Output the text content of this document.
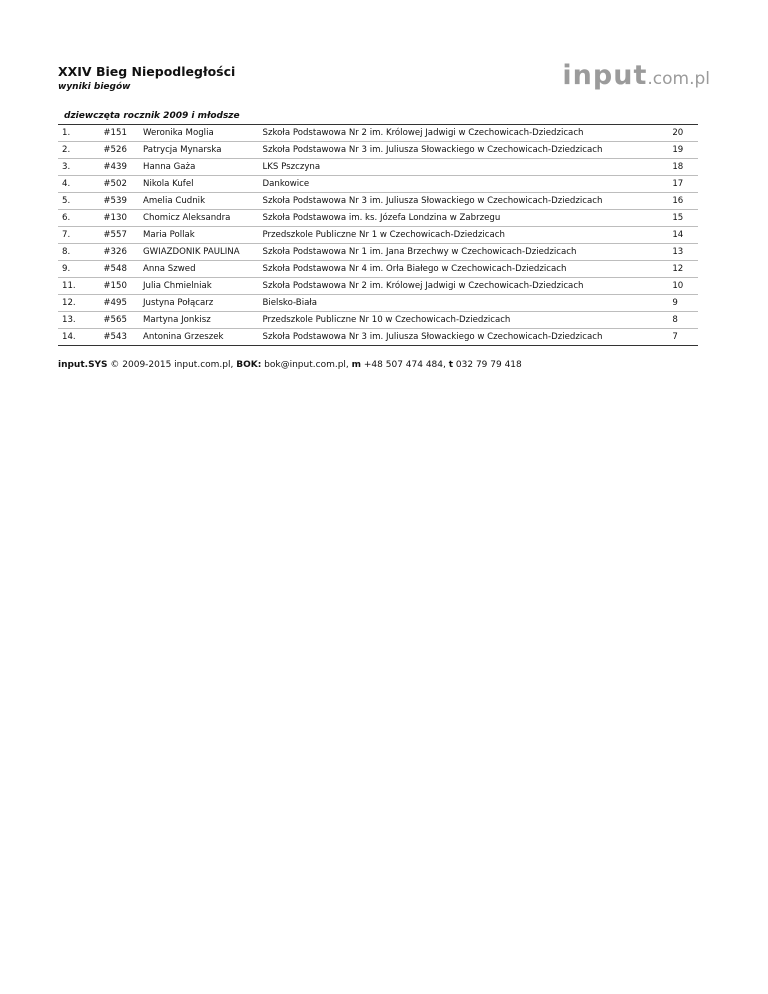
XXIV Bieg Niepodległości
wyniki biegów	input.com.pl
dziewczęta rocznik 2009 i młodsze
1.	#151	Weronika Moglia	Szkoła Podstawowa Nr 2 im. Królowej Jadwigi w Czechowicach-Dziedzicach	20
2.	#526	Patrycja Mynarska	Szkoła Podstawowa Nr 3 im. Juliusza Słowackiego w Czechowicach-Dziedzicach	19
3.	#439	Hanna Gaża	LKS Pszczyna	18
4.	#502	Nikola Kufel	Dankowice	17
5.	#539	Amelia Cudnik	Szkoła Podstawowa Nr 3 im. Juliusza Słowackiego w Czechowicach-Dziedzicach	16
6.	#130	Chomicz Aleksandra	Szkoła Podstawowa im. ks. Józefa Londzina w Zabrzegu	15
7.	#557	Maria Pollak	Przedszkole Publiczne Nr 1 w Czechowicach-Dziedzicach	14
8.	#326	GWIAZDONIK PAULINA	Szkoła Podstawowa Nr 1 im. Jana Brzechwy w Czechowicach-Dziedzicach	13
9.	#548	Anna Szwed	Szkoła Podstawowa Nr 4 im. Orła Białego w Czechowicach-Dziedzicach	12
11.	#150	Julia Chmielniak	Szkoła Podstawowa Nr 2 im. Królowej Jadwigi w Czechowicach-Dziedzicach	10
12.	#495	Justyna Połącarz	Bielsko-Biała	9
13.	#565	Martyna Jonkisz	Przedszkole Publiczne Nr 10 w Czechowicach-Dziedzicach	8
14.	#543	Antonina Grzeszek	Szkoła Podstawowa Nr 3 im. Juliusza Słowackiego w Czechowicach-Dziedzicach	7
input.SYS © 2009-2015 input.com.pl, BOK: bok@input.com.pl, m +48 507 474 484, t 032 79 79 418
